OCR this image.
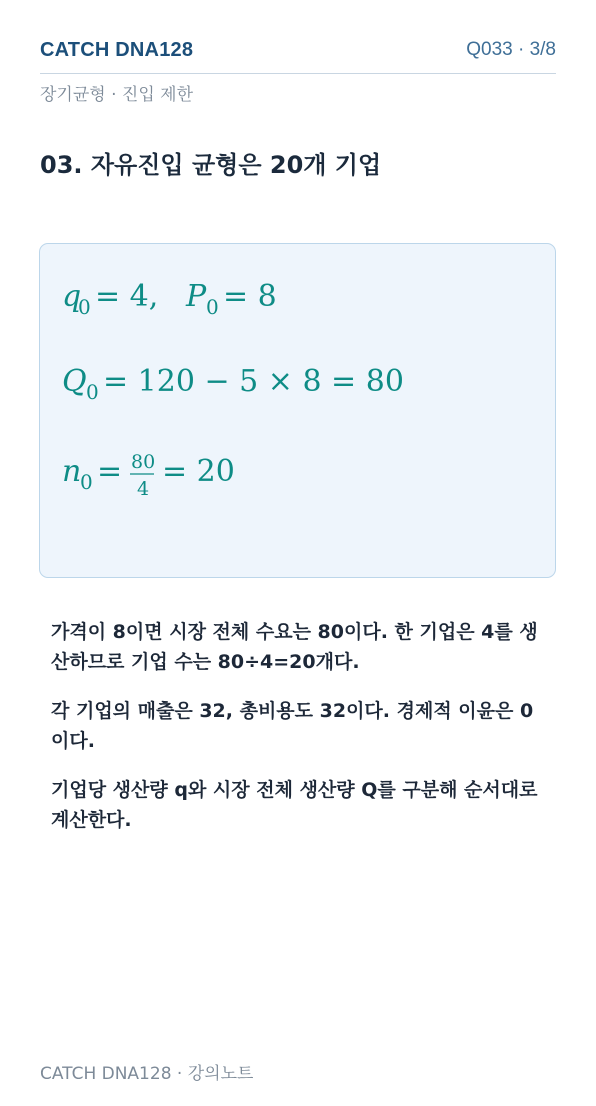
CATCH DNA128	Q033 · 3/8
장기균형 · 진입 제한
03. 자유진입 균형은 20개 기업
q
0 = 4, P 0 = 8
Q 0 = 120 − 5 × 8 = 80
n
0 = 80
4 = 20

가격이 8이면 시장 전체 수요는 80이다. 한 기업은 4를 생산하므로 기업 수는 80÷4=20개다.

각 기업의 매출은 32, 총비용도 32이다. 경제적 이윤은 0이다.

기업당 생산량 q와 시장 전체 생산량 Q를 구분해 순서대로 계산한다.

CATCH DNA128 · 강의노트
